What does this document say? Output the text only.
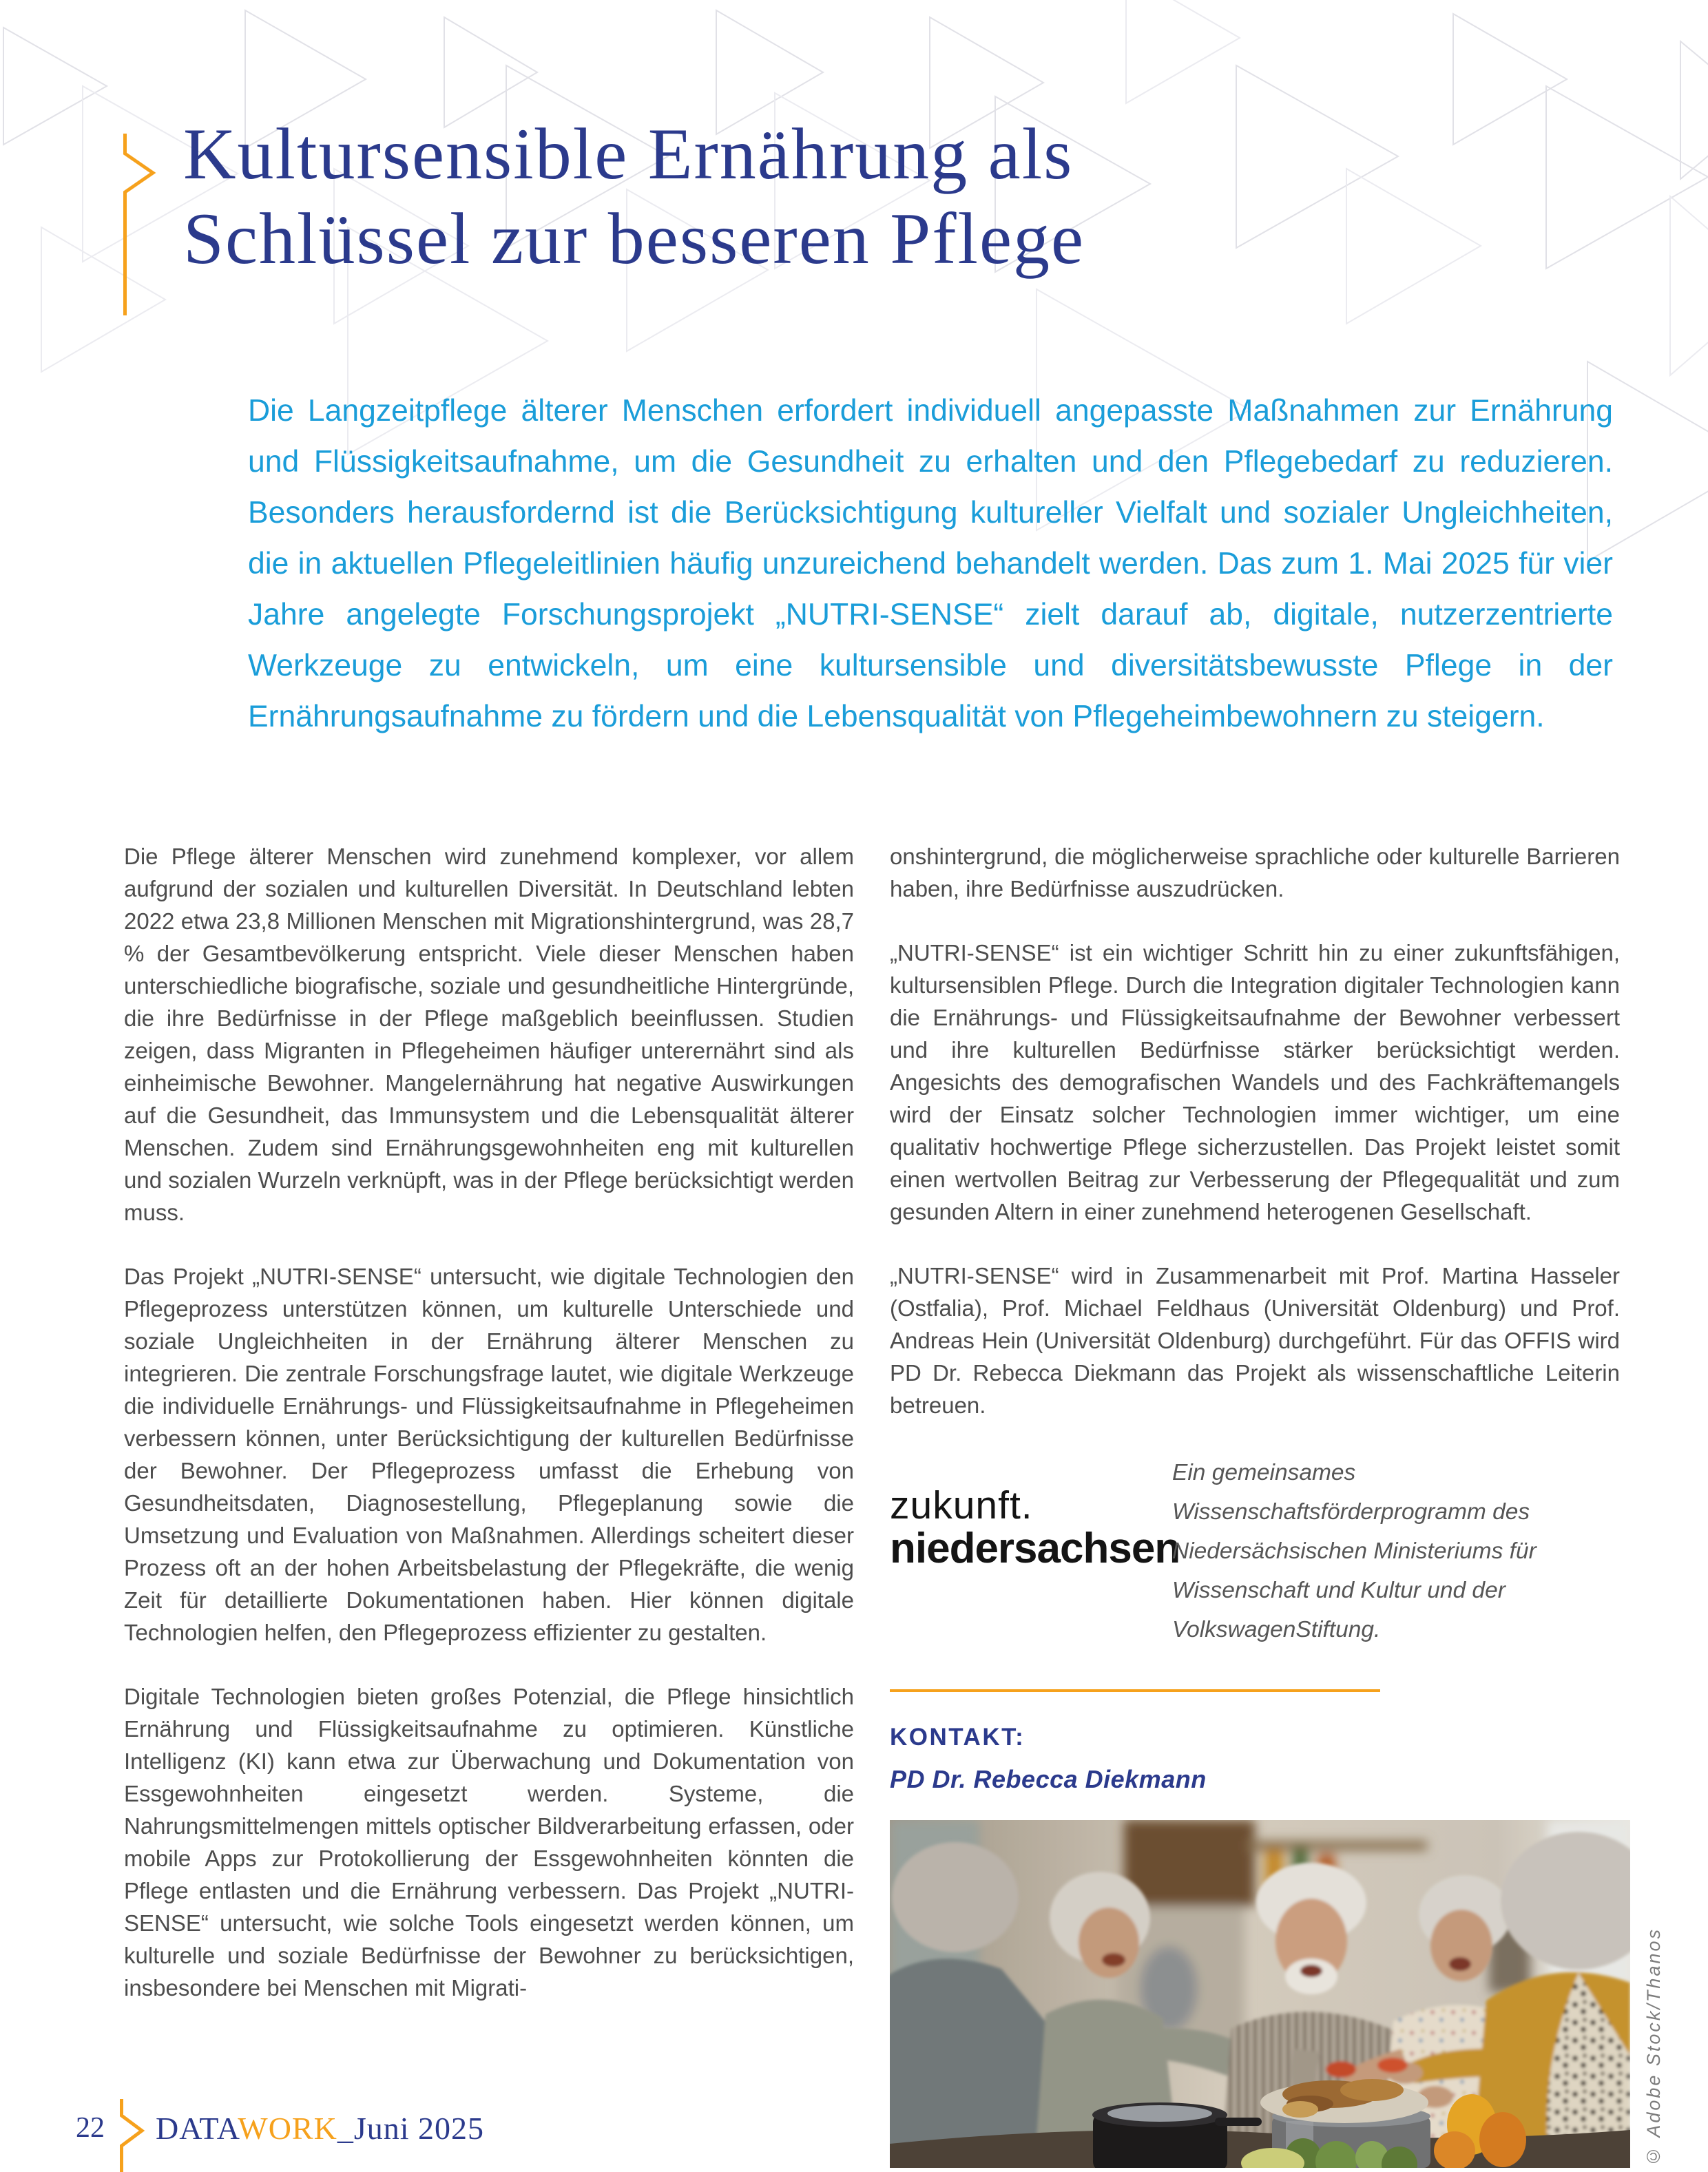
Kultursensible Ernährung als
Schlüssel zur besseren Pflege

Die Langzeitpflege älterer Menschen erfordert individuell angepasste Maßnahmen zur Ernährung und Flüssigkeitsaufnahme, um die Gesundheit zu erhalten und den Pflegebedarf zu reduzieren. Besonders herausfordernd ist die Berücksichtigung kultureller Vielfalt und sozialer Ungleichheiten, die in aktuellen Pflegeleitlinien häufig unzureichend behandelt werden. Das zum 1. Mai 2025 für vier Jahre angelegte Forschungsprojekt „NUTRI-SENSE“ zielt darauf ab, digitale, nutzerzentrierte Werkzeuge zu entwickeln, um eine kultursensible und diversitätsbewusste Pflege in der Ernährungsaufnahme zu fördern und die Lebensqualität von Pflegeheimbewohnern zu steigern.

Die Pflege älterer Menschen wird zunehmend komplexer, vor allem aufgrund der sozialen und kulturellen Diversität. In Deutschland lebten 2022 etwa 23,8 Millionen Menschen mit Migrationshintergrund, was 28,7 % der Gesamtbevölkerung entspricht. Viele dieser Menschen haben unterschiedliche biografische, soziale und gesundheitliche Hintergründe, die ihre Bedürfnisse in der Pflege maßgeblich beeinflussen. Studien zeigen, dass Migranten in Pflegeheimen häufiger unterernährt sind als einheimische Bewohner. Mangelernährung hat negative Auswirkungen auf die Gesundheit, das Immunsystem und die Lebensqualität älterer Menschen. Zudem sind Ernährungsgewohnheiten eng mit kulturellen und sozialen Wurzeln verknüpft, was in der Pflege berücksichtigt werden muss.

Das Projekt „NUTRI-SENSE“ untersucht, wie digitale Technologien den Pflegeprozess unterstützen können, um kulturelle Unterschiede und soziale Ungleichheiten in der Ernährung älterer Menschen zu integrieren. Die zentrale Forschungsfrage lautet, wie digitale Werkzeuge die individuelle Ernährungs- und Flüssigkeitsaufnahme in Pflegeheimen verbessern können, unter Berücksichtigung der kulturellen Bedürfnisse der Bewohner. Der Pflegeprozess umfasst die Erhebung von Gesundheitsdaten, Diagnosestellung, Pflegeplanung sowie die Umsetzung und Evaluation von Maßnahmen. Allerdings scheitert dieser Prozess oft an der hohen Arbeitsbelastung der Pflegekräfte, die wenig Zeit für detaillierte Dokumentationen haben. Hier können digitale Technologien helfen, den Pflegeprozess effizienter zu gestalten.

Digitale Technologien bieten großes Potenzial, die Pflege hinsichtlich Ernährung und Flüssigkeitsaufnahme zu optimieren. Künstliche Intelligenz (KI) kann etwa zur Überwachung und Dokumentation von Essgewohnheiten eingesetzt werden. Systeme, die Nahrungsmittelmengen mittels optischer Bildverarbeitung erfassen, oder mobile Apps zur Protokollierung der Essgewohnheiten könnten die Pflege entlasten und die Ernährung verbessern. Das Projekt „NUTRI-SENSE“ untersucht, wie solche Tools eingesetzt werden können, um kulturelle und soziale Bedürfnisse der Bewohner zu berücksichtigen, insbesondere bei Menschen mit Migrati-

onshintergrund, die möglicherweise sprachliche oder kulturelle Barrieren haben, ihre Bedürfnisse auszudrücken.

„NUTRI-SENSE“ ist ein wichtiger Schritt hin zu einer zukunftsfähigen, kultursensiblen Pflege. Durch die Integration digitaler Technologien kann die Ernährungs- und Flüssigkeitsaufnahme der Bewohner verbessert und ihre kulturellen Bedürfnisse stärker berücksichtigt werden. Angesichts des demografischen Wandels und des Fachkräftemangels wird der Einsatz solcher Technologien immer wichtiger, um eine qualitativ hochwertige Pflege sicherzustellen. Das Projekt leistet somit einen wertvollen Beitrag zur Verbesserung der Pflegequalität und zum gesunden Altern in einer zunehmend heterogenen Gesellschaft.

„NUTRI-SENSE“ wird in Zusammenarbeit mit Prof. Martina Hasseler (Ostfalia), Prof. Michael Feldhaus (Universität Oldenburg) und Prof. Andreas Hein (Universität Oldenburg) durchgeführt. Für das OFFIS wird PD Dr. Rebecca Diekmann das Projekt als wissenschaftliche Leiterin betreuen.

zukunft.
niedersachsen

Ein gemeinsames Wissenschaftsförderprogramm des Niedersächsischen Ministeriums für Wissenschaft und Kultur und der VolkswagenStiftung.

KONTAKT:
PD Dr. Rebecca Diekmann
© Adobe Stock/Thanos
22 DATAWORK_Juni 2025
